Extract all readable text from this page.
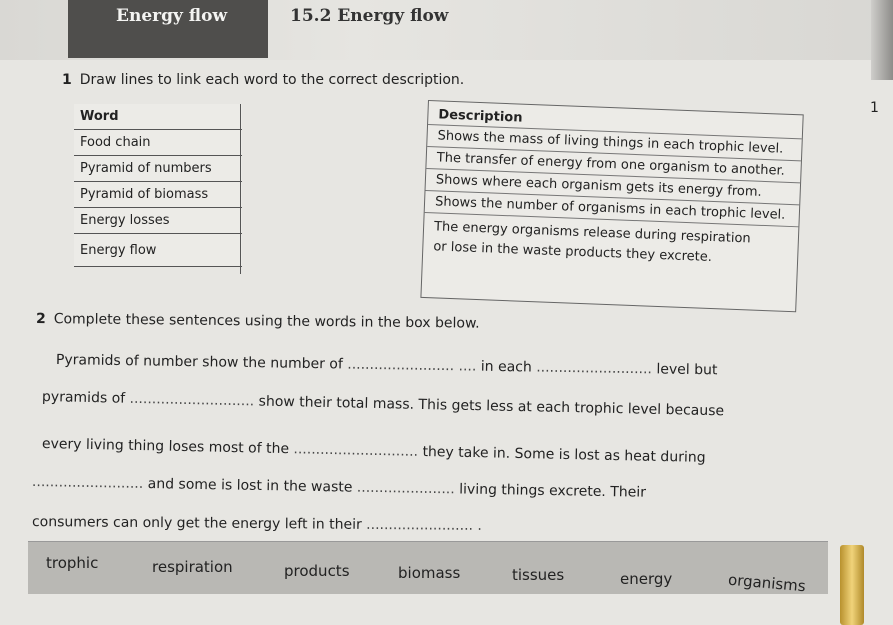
Energy flow	15.2 Energy flow
1
1 Draw lines to link each word to the correct description.
Word
Food chain
Pyramid of numbers
Pyramid of biomass
Energy losses
Energy flow
Description
Shows the mass of living things in each trophic level.
The transfer of energy from one organism to another.
Shows where each organism gets its energy from.
Shows the number of organisms in each trophic level.
The energy organisms release during respiration
or lose in the waste products they excrete.
2 Complete these sentences using the words in the box below.
Pyramids of number show the number of ........................ .... in each .......................... level but
pyramids of ............................ show their total mass. This gets less at each trophic level because
every living thing loses most of the ............................ they take in. Some is lost as heat during
......................... and some is lost in the waste ...................... living things excrete. Their
consumers can only get the energy left in their ........................ .
trophic	respiration	products	biomass	tissues	energy	organisms
